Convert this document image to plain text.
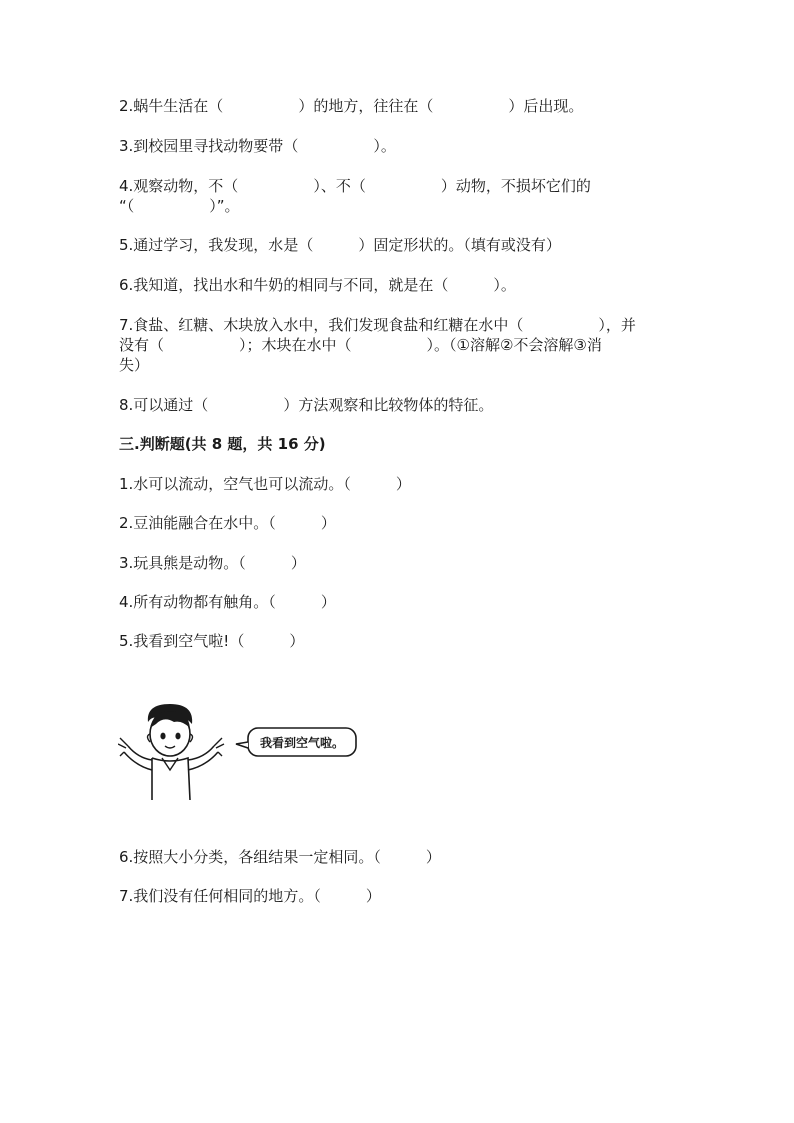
2.蜗牛生活在（　　　　　）的地方，往往在（　　　　　）后出现。

3.到校园里寻找动物要带（　　　　　）。

4.观察动物，不（　　　　　）、不（　　　　　）动物，不损坏它们的
“（　　　　　）”。

5.通过学习，我发现，水是（　　　）固定形状的。（填有或没有）

6.我知道，找出水和牛奶的相同与不同，就是在（　　　）。

7.食盐、红糖、木块放入水中，我们发现食盐和红糖在水中（　　　　　），并
没有（　　　　　）；木块在水中（　　　　　）。（①溶解②不会溶解③消
失）

8.可以通过（　　　　　）方法观察和比较物体的特征。

三.判断题(共 8 题，共 16 分)

1.水可以流动，空气也可以流动。（　　　）

2.豆油能融合在水中。（　　　）

3.玩具熊是动物。（　　　）

4.所有动物都有触角。（　　　）

5.我看到空气啦!（　　　）

我看到空气啦。

6.按照大小分类，各组结果一定相同。（　　　）

7.我们没有任何相同的地方。（　　　）
